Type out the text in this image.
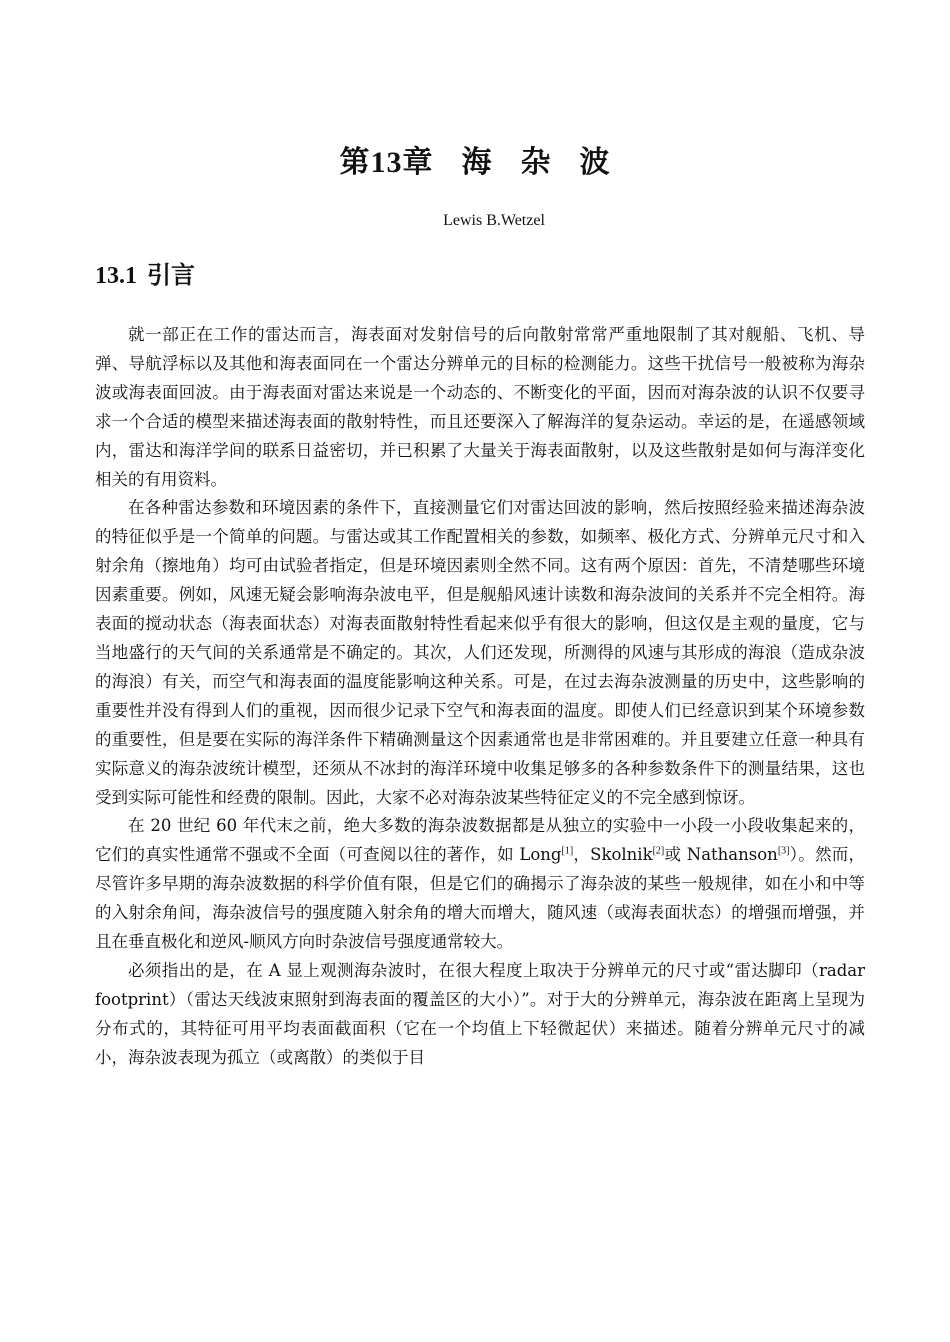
第13章 海 杂 波
Lewis B.Wetzel
13.1 引言

就一部正在工作的雷达而言，海表面对发射信号的后向散射常常严重地限制了其对舰船、飞机、导弹、导航浮标以及其他和海表面同在一个雷达分辨单元的目标的检测能力。这些干扰信号一般被称为海杂波或海表面回波。由于海表面对雷达来说是一个动态的、不断变化的平面，因而对海杂波的认识不仅要寻求一个合适的模型来描述海表面的散射特性，而且还要深入了解海洋的复杂运动。幸运的是，在遥感领域内，雷达和海洋学间的联系日益密切，并已积累了大量关于海表面散射，以及这些散射是如何与海洋变化相关的有用资料。

在各种雷达参数和环境因素的条件下，直接测量它们对雷达回波的影响，然后按照经验来描述海杂波的特征似乎是一个简单的问题。与雷达或其工作配置相关的参数，如频率、极化方式、分辨单元尺寸和入射余角（擦地角）均可由试验者指定，但是环境因素则全然不同。这有两个原因：首先，不清楚哪些环境因素重要。例如，风速无疑会影响海杂波电平，但是舰船风速计读数和海杂波间的关系并不完全相符。海表面的搅动状态（海表面状态）对海表面散射特性看起来似乎有很大的影响，但这仅是主观的量度，它与当地盛行的天气间的关系通常是不确定的。其次，人们还发现，所测得的风速与其形成的海浪（造成杂波的海浪）有关，而空气和海表面的温度能影响这种关系。可是，在过去海杂波测量的历史中，这些影响的重要性并没有得到人们的重视，因而很少记录下空气和海表面的温度。即使人们已经意识到某个环境参数的重要性，但是要在实际的海洋条件下精确测量这个因素通常也是非常困难的。并且要建立任意一种具有实际意义的海杂波统计模型，还须从不冰封的海洋环境中收集足够多的各种参数条件下的测量结果，这也受到实际可能性和经费的限制。因此，大家不必对海杂波某些特征定义的不完全感到惊讶。

在 20 世纪 60 年代末之前，绝大多数的海杂波数据都是从独立的实验中一小段一小段收集起来的，它们的真实性通常不强或不全面（可查阅以往的著作，如 Long[1]，Skolnik[2]或 Nathanson[3]）。然而，尽管许多早期的海杂波数据的科学价值有限，但是它们的确揭示了海杂波的某些一般规律，如在小和中等的入射余角间，海杂波信号的强度随入射余角的增大而增大，随风速（或海表面状态）的增强而增强，并且在垂直极化和逆风-顺风方向时杂波信号强度通常较大。

必须指出的是，在 A 显上观测海杂波时，在很大程度上取决于分辨单元的尺寸或“雷达脚印（radar footprint）（雷达天线波束照射到海表面的覆盖区的大小）”。对于大的分辨单元，海杂波在距离上呈现为分布式的，其特征可用平均表面截面积（它在一个均值上下轻微起伏）来描述。随着分辨单元尺寸的减小，海杂波表现为孤立（或离散）的类似于目
